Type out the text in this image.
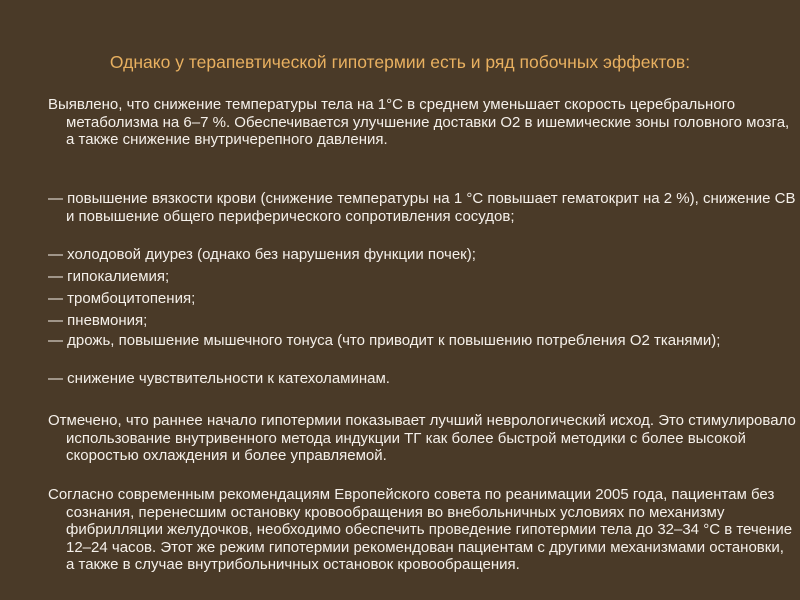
Однако у терапевтической гипотермии есть и ряд побочных эффектов:

Выявлено, что снижение температуры тела на 1°С в среднем уменьшает скорость церебрального метаболизма на 6–7 %. Обеспечивается улучшение доставки О2 в ишемические зоны головного мозга, а также снижение внутричерепного давления.

— повышение вязкости крови (снижение температуры на 1 °С повышает гематокрит на 2 %), снижение СВ и повышение общего периферического сопротивления сосудов;

— холодовой диурез (однако без нарушения функции почек);

— гипокалиемия;

— тромбоцитопения;

— пневмония;

— дрожь, повышение мышечного тонуса (что приводит к повышению потребления О2 тканями);

— снижение чувствительности к катехоламинам.

Отмечено, что раннее начало гипотермии показывает лучший неврологический исход. Это стимулировало использование внутривенного метода индукции ТГ как более быстрой методики с более высокой скоростью охлаждения и более управляемой.

Согласно современным рекомендациям Европейского совета по реанимации 2005 года, пациентам без сознания, перенесшим остановку кровообращения во внебольничных условиях по механизму фибрилляции желудочков, необходимо обеспечить проведение гипотермии тела до 32–34 °С в течение 12–24 часов. Этот же режим гипотермии рекомендован пациентам с другими механизмами остановки, а также в случае внутрибольничных остановок кровообращения.
